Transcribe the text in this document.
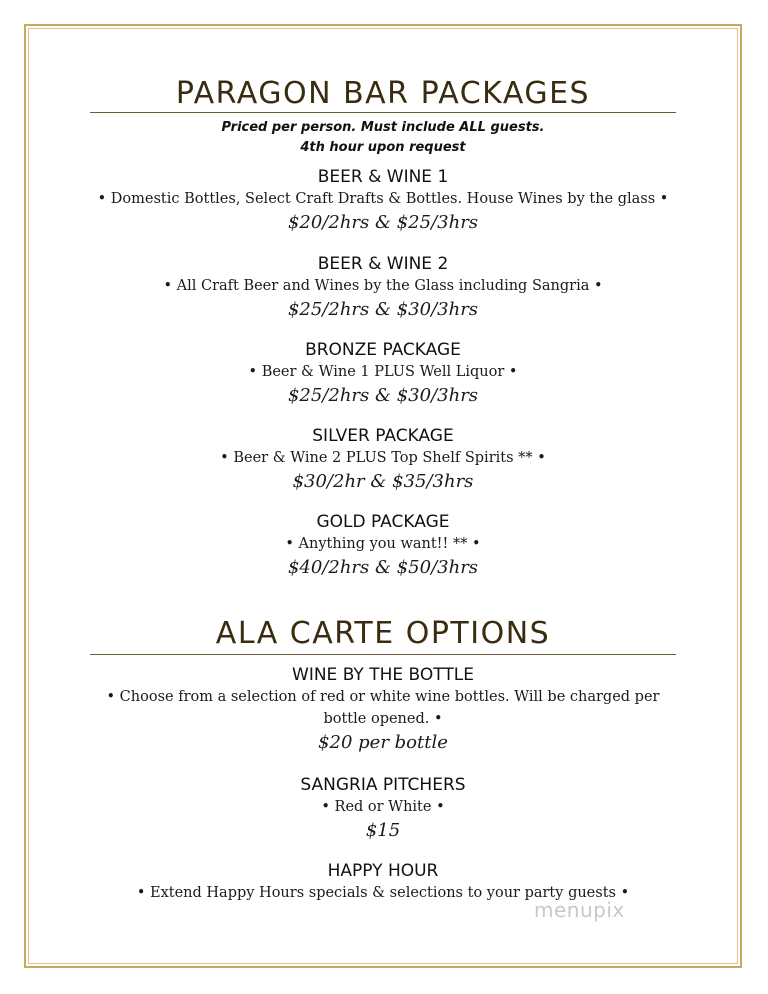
PARAGON BAR PACKAGES
Priced per person. Must include ALL guests.
4th hour upon request
BEER & WINE 1
• Domestic Bottles, Select Craft Drafts & Bottles. House Wines by the glass •
$20/2hrs & $25/3hrs
BEER & WINE 2
• All Craft Beer and Wines by the Glass including Sangria •
$25/2hrs & $30/3hrs
BRONZE PACKAGE
• Beer & Wine 1 PLUS Well Liquor •
$25/2hrs & $30/3hrs
SILVER PACKAGE
• Beer & Wine 2 PLUS Top Shelf Spirits ** •
$30/2hr & $35/3hrs
GOLD PACKAGE
• Anything you want!! ** •
$40/2hrs & $50/3hrs
ALA CARTE OPTIONS
WINE BY THE BOTTLE
• Choose from a selection of red or white wine bottles. Will be charged per
bottle opened. •
$20 per bottle
SANGRIA PITCHERS
• Red or White •
$15
HAPPY HOUR
• Extend Happy Hours specials & selections to your party guests •
menupix
